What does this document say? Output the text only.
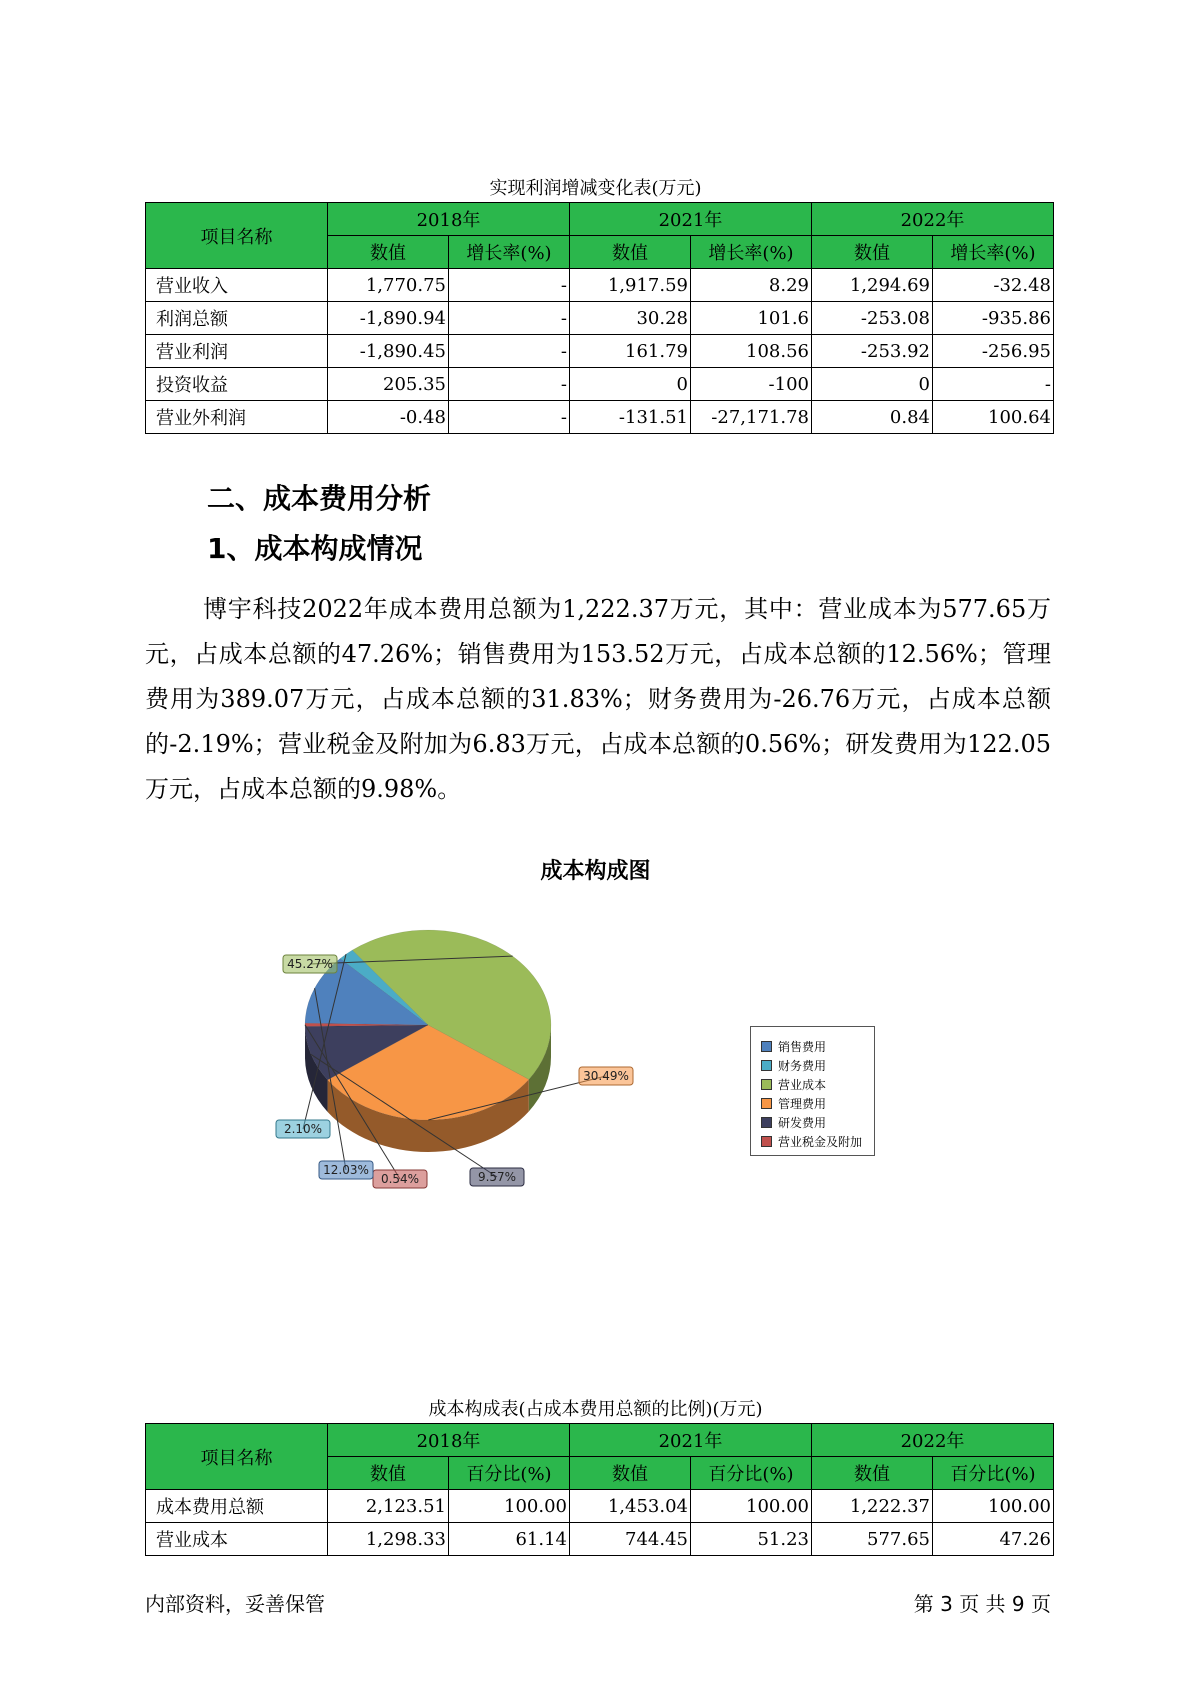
实现利润增减变化表(万元)
项目名称	2018年		2021年		2022年	
	数值	增长率(%)	数值	增长率(%)	数值	增长率(%)
营业收入	1,770.75	-	1,917.59	8.29	1,294.69	-32.48
利润总额	-1,890.94	-	30.28	101.6	-253.08	-935.86
营业利润	-1,890.45	-	161.79	108.56	-253.92	-256.95
投资收益	205.35	-	0	-100	0	-
营业外利润	-0.48	-	-131.51	-27,171.78	0.84	100.64
二、成本费用分析
1、成本构成情况

博宇科技2022年成本费用总额为1,222.37万元，其中：营业成本为577.65万元，占成本总额的47.26%；销售费用为153.52万元，占成本总额的12.56%；管理费用为389.07万元，占成本总额的31.83%；财务费用为-26.76万元，占成本总额的-2.19%；营业税金及附加为6.83万元，占成本总额的0.56%；研发费用为122.05万元，占成本总额的9.98%。

成本构成图
45.27%
30.49%
9.57%
0.54%
12.03%
2.10%
销售费用
财务费用
营业成本
管理费用
研发费用
营业税金及附加
成本构成表(占成本费用总额的比例)(万元)
项目名称	2018年		2021年		2022年	
	数值	百分比(%)	数值	百分比(%)	数值	百分比(%)
成本费用总额	2,123.51	100.00	1,453.04	100.00	1,222.37	100.00
营业成本	1,298.33	61.14	744.45	51.23	577.65	47.26
内部资料，妥善保管	第 3 页 共 9 页
